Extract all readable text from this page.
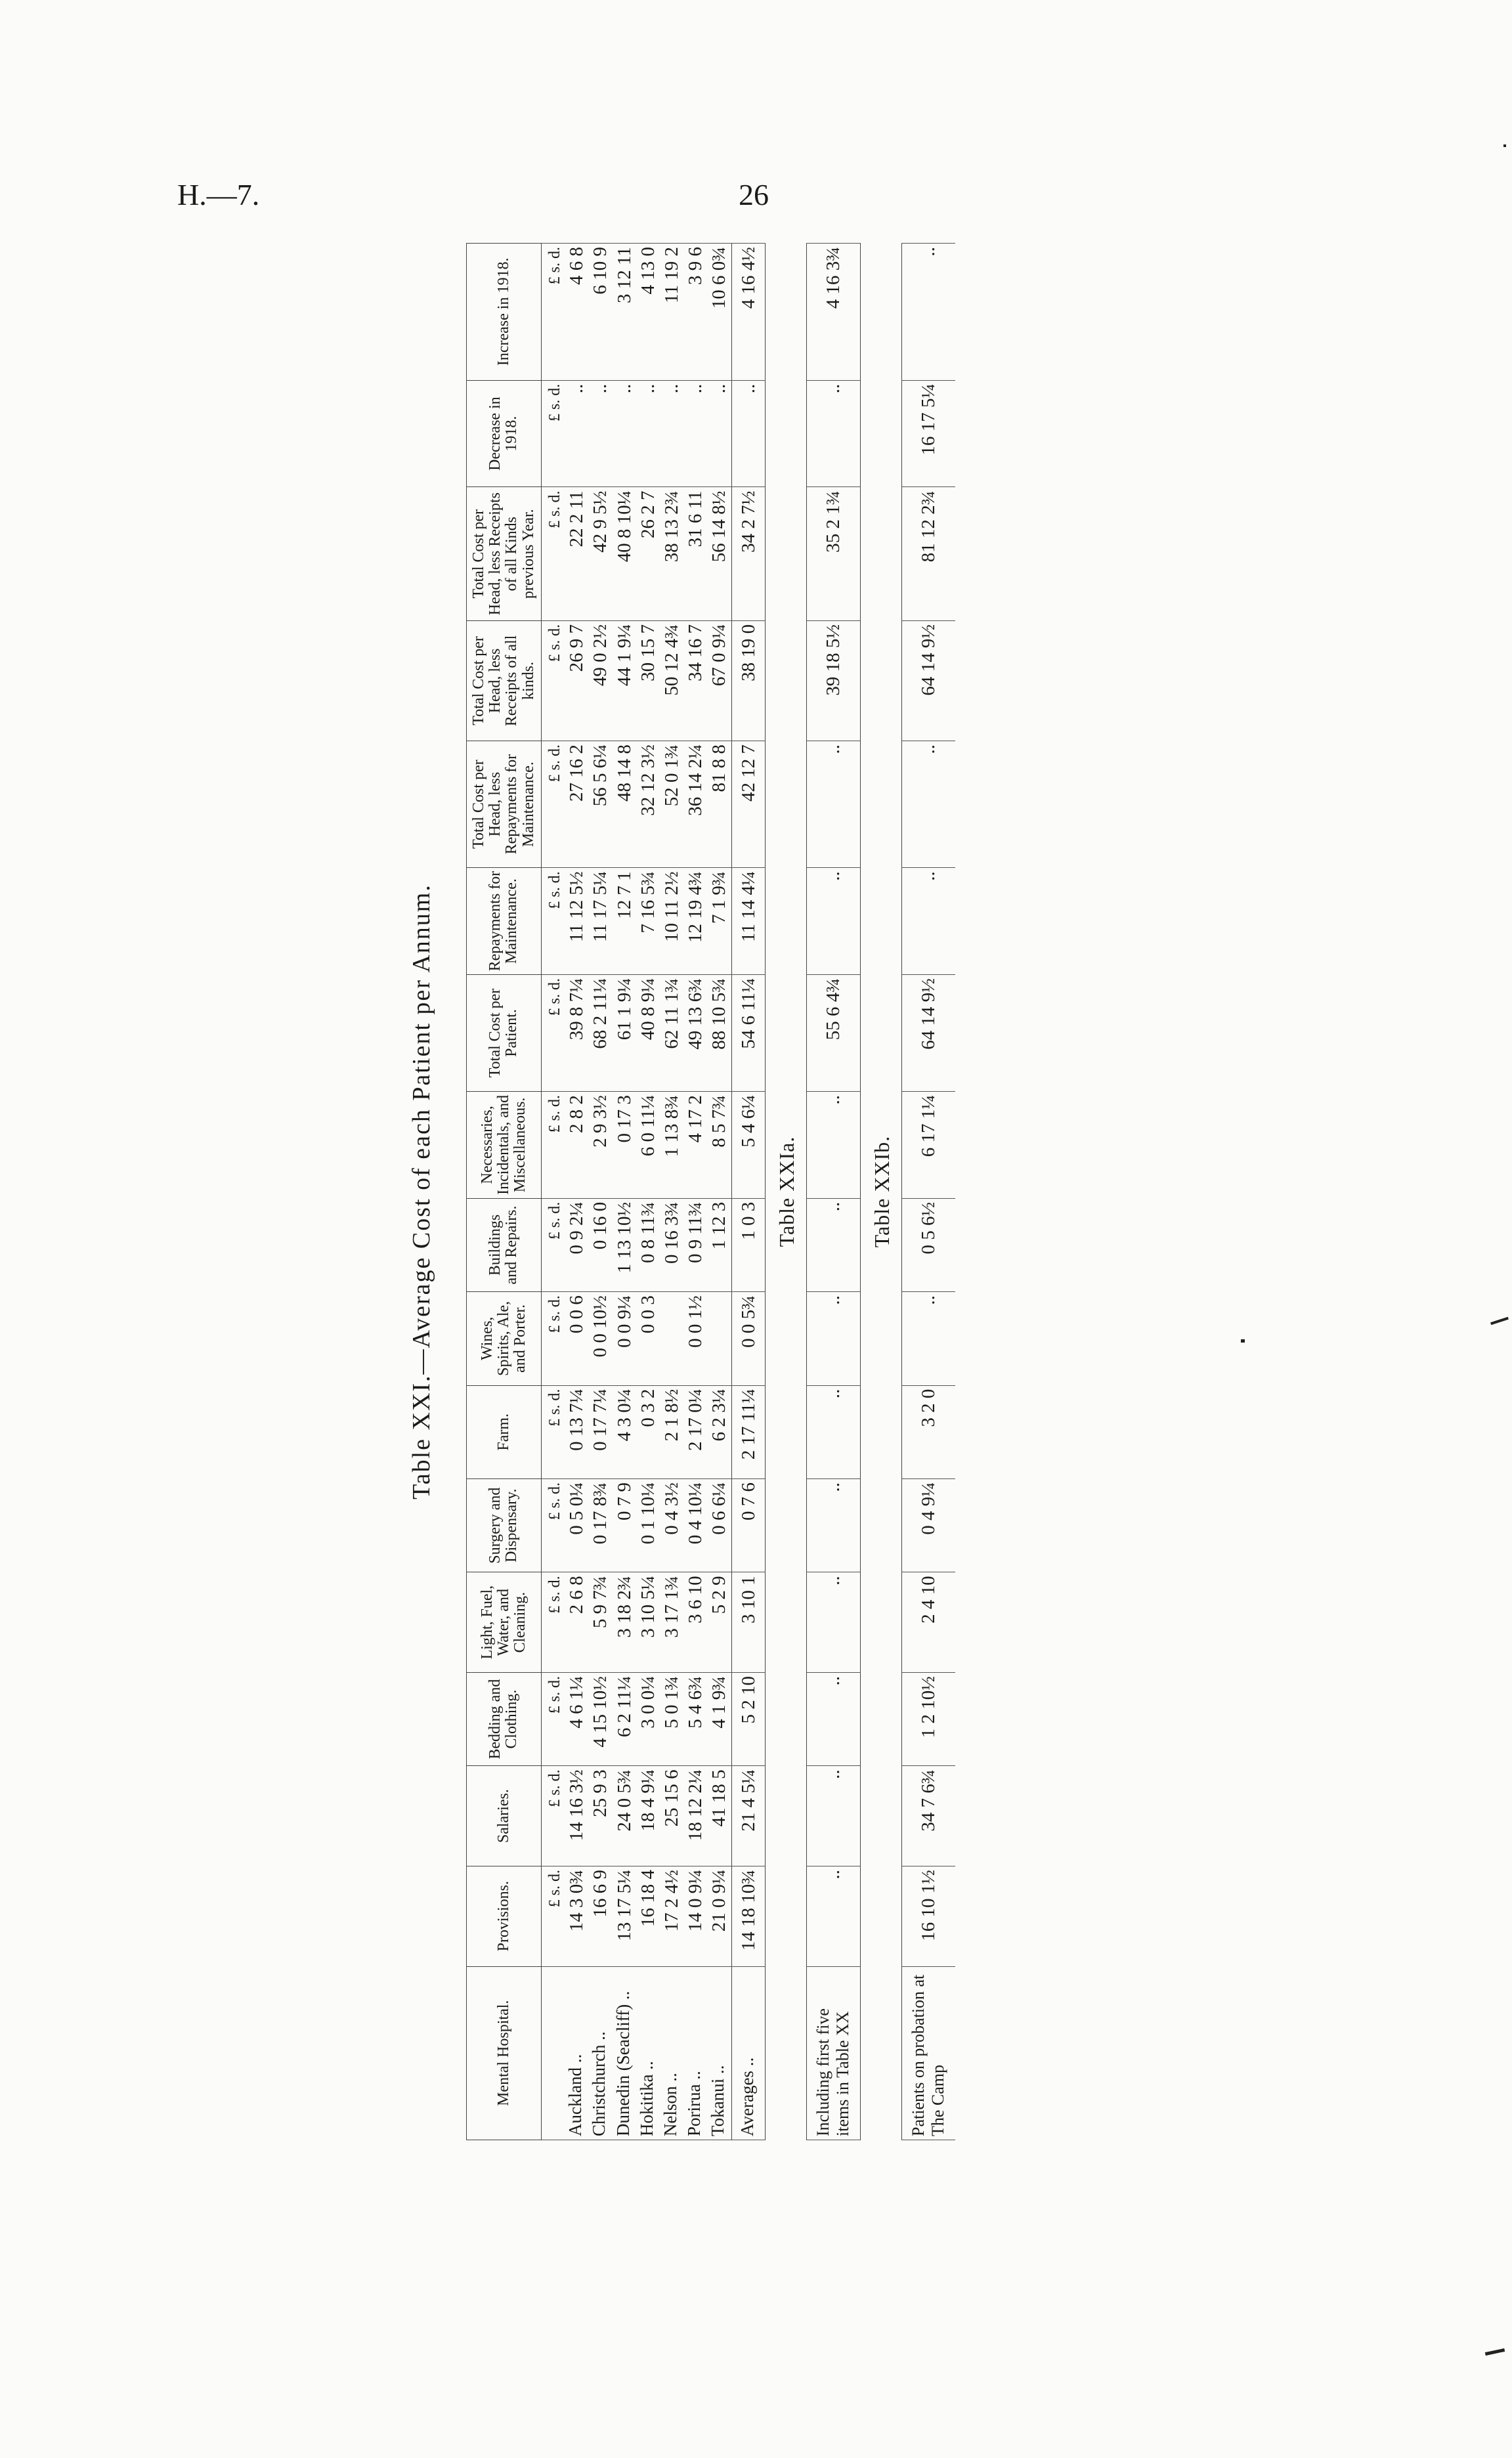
H.—7.	26
Table XXI.—Average Cost of each Patient per Annum.
Mental Hospital.	Provisions.	Salaries.	Bedding and Clothing.	Light, Fuel, Water, and Cleaning.	Surgery and Dispensary.	Farm.	Wines, Spirits, Ale, and Porter.	Buildings and Repairs.	Necessaries, Incidentals, and Miscellaneous.	Total Cost per Patient.	Repayments for Maintenance.	Total Cost per Head, less Repayments for Maintenance.	Total Cost per Head, less Receipts of all kinds.	Total Cost per Head, less Receipts of all Kinds previous Year.	Decrease in 1918.	Increase in 1918.
	£ s. d.	£ s. d.	£ s. d.	£ s. d.	£ s. d.	£ s. d.	£ s. d.	£ s. d.	£ s. d.	£ s. d.	£ s. d.	£ s. d.	£ s. d.	£ s. d.	£ s. d.	£ s. d.
Auckland ..	14 3 0¾	14 16 3½	4 6 1¼	2 6 8	0 5 0¼	0 13 7¼	0 0 6	0 9 2¼	2 8 2	39 8 7¼	11 12 5½	27 16 2	26 9 7	22 2 11	..	4 6 8
Christchurch ..	16 6 9	25 9 3	4 15 10½	5 9 7¾	0 17 8¾	0 17 7¼	0 0 10½	0 16 0	2 9 3½	68 2 11¼	11 17 5¼	56 5 6¼	49 0 2½	42 9 5½	..	6 10 9
Dunedin (Seacliff) ..	13 17 5¼	24 0 5¾	6 2 11¼	3 18 2¾	0 7 9	4 3 0¼	0 0 9¼	1 13 10½	0 17 3	61 1 9¼	12 7 1	48 14 8	44 1 9¼	40 8 10¼	..	3 12 11
Hokitika ..	16 18 4	18 4 9¼	3 0 0¼	3 10 5¼	0 1 10¼	0 3 2	0 0 3	0 8 11¾	6 0 11¼	40 8 9¼	7 16 5¾	32 12 3½	30 15 7	26 2 7	..	4 13 0
Nelson ..	17 2 4½	25 15 6	5 0 1¾	3 17 1¾	0 4 3½	2 1 8½		0 16 3¾	1 13 8¾	62 11 1¾	10 11 2½	52 0 1¾	50 12 4¾	38 13 2¾	..	11 19 2
Porirua ..	14 0 9¼	18 12 2¼	5 4 6¾	3 6 10	0 4 10¼	2 17 0¼	0 0 1½	0 9 11¾	4 17 2	49 13 6¾	12 19 4¾	36 14 2¼	34 16 7	31 6 11	..	3 9 6
Tokanui ..	21 0 9¼	41 18 5	4 1 9¾	5 2 9	0 6 6¼	6 2 3¼		1 12 3	8 5 7¾	88 10 5¾	7 1 9¾	81 8 8	67 0 9¼	56 14 8½	..	10 6 0¾
Averages ..	14 18 10¾	21 4 5¼	5 2 10	3 10 1	0 7 6	2 17 11¼	0 0 5¾	1 0 3	5 4 6¼	54 6 11¼	11 14 4¼	42 12 7	38 19 0	34 2 7½	..	4 16 4½
Table XXIa.																
Including first five items in Table XX	..	..	..	..	..	..	..	..	..	55 6 4¾	..	..	39 18 5½	35 2 1¾	..	4 16 3¾
Table XXIb.																
Patients on probation at The Camp	16 10 1½	34 7 6¾	1 2 10½	2 4 10	0 4 9¼	3 2 0	..	0 5 6½	6 17 1¼	64 14 9½	..	..	64 14 9½	81 12 2¾	16 17 5¼	..
